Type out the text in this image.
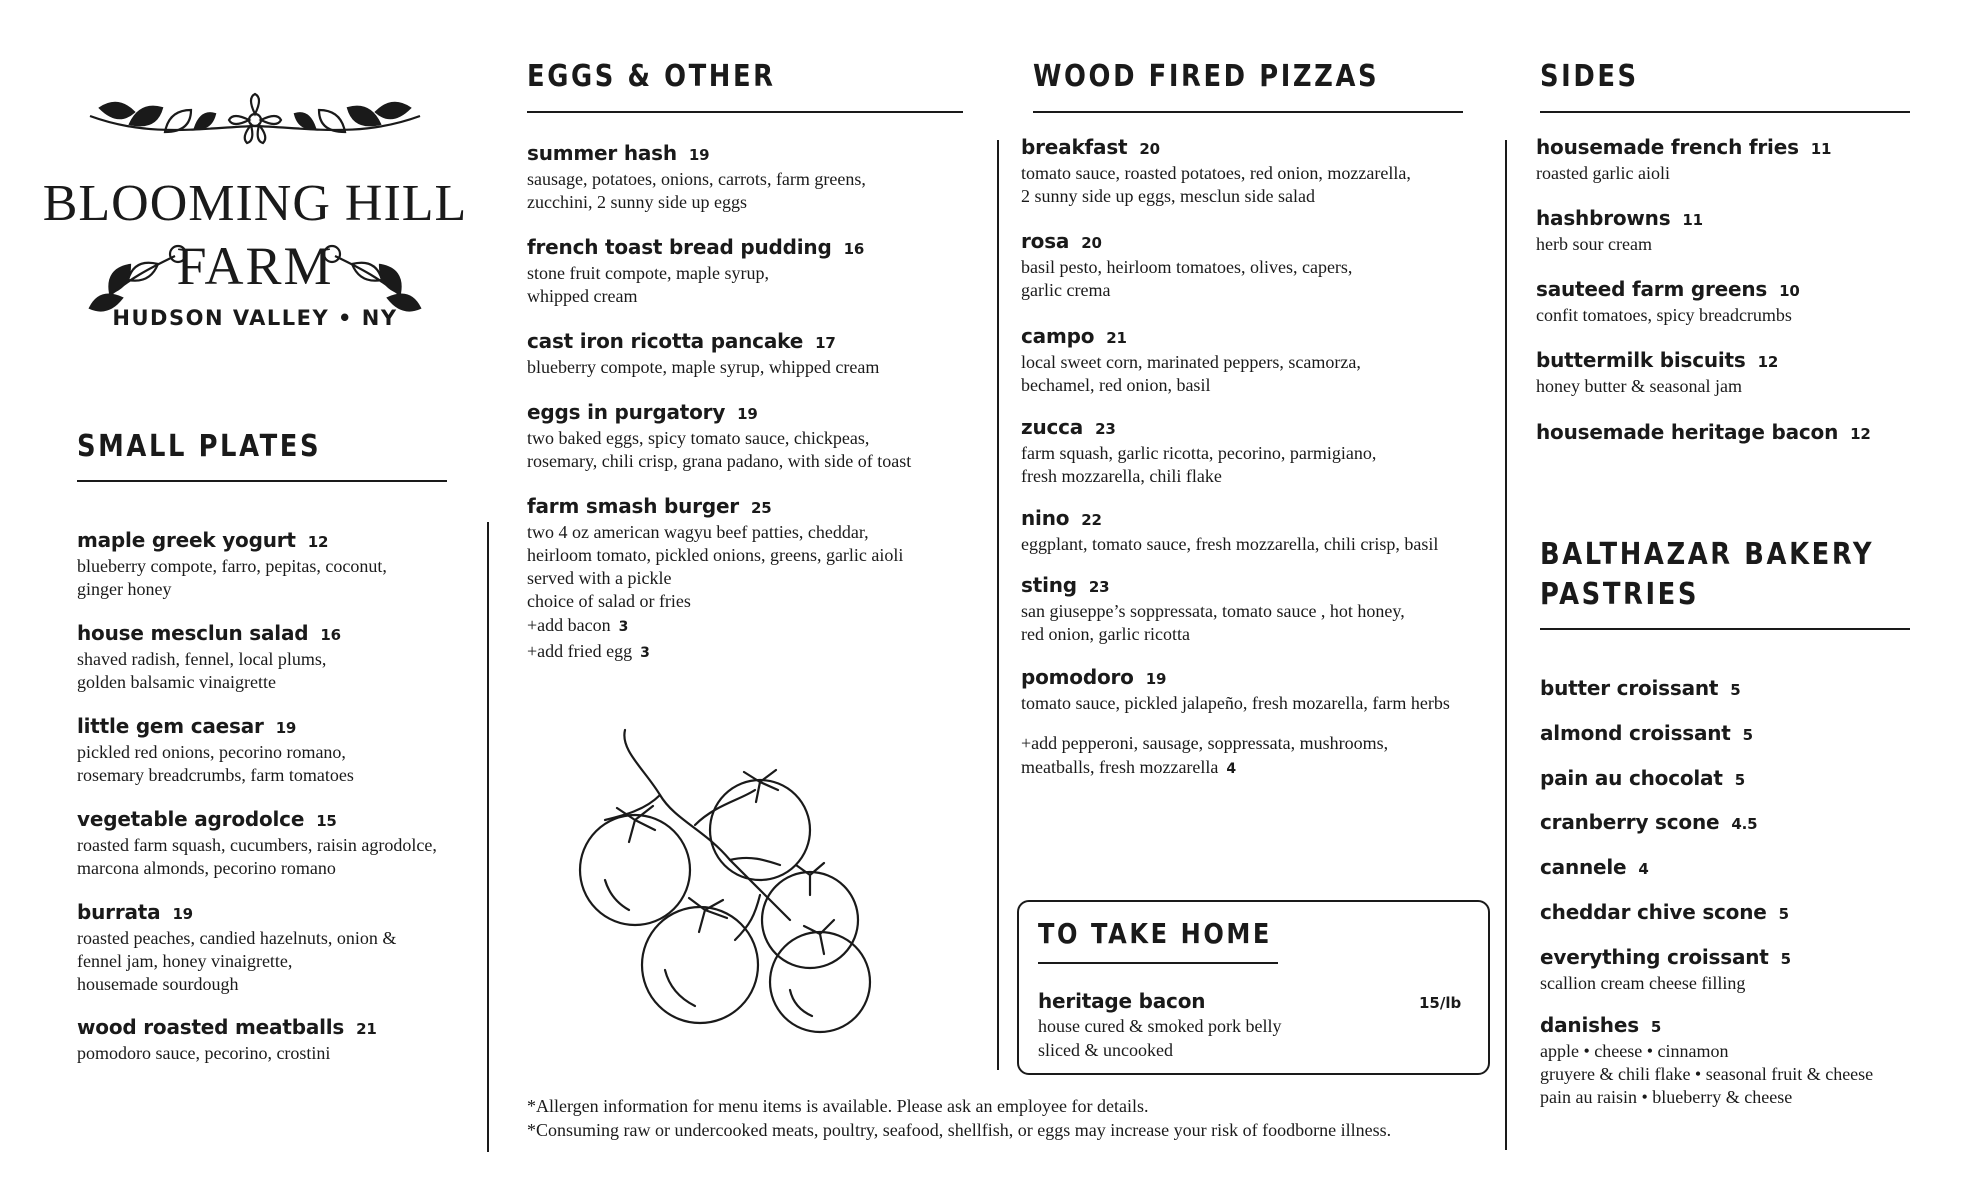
BLOOMING HILL
FARM
HUDSON VALLEY • NY
SMALL PLATES
maple greek yogurt 12
blueberry compote, farro, pepitas, coconut,
ginger honey
house mesclun salad 16
shaved radish, fennel, local plums,
golden balsamic vinaigrette
little gem caesar 19
pickled red onions, pecorino romano,
rosemary breadcrumbs, farm tomatoes
vegetable agrodolce 15
roasted farm squash, cucumbers, raisin agrodolce,
marcona almonds, pecorino romano
burrata 19
roasted peaches, candied hazelnuts, onion &
fennel jam, honey vinaigrette,
housemade sourdough
wood roasted meatballs 21
pomodoro sauce, pecorino, crostini
EGGS & OTHER
summer hash 19
sausage, potatoes, onions, carrots, farm greens,
zucchini, 2 sunny side up eggs
french toast bread pudding 16
stone fruit compote, maple syrup,
whipped cream
cast iron ricotta pancake 17
blueberry compote, maple syrup, whipped cream
eggs in purgatory 19
two baked eggs, spicy tomato sauce, chickpeas,
rosemary, chili crisp, grana padano, with side of toast
farm smash burger 25
two 4 oz american wagyu beef patties, cheddar,
heirloom tomato, pickled onions, greens, garlic aioli
served with a pickle
choice of salad or fries
+add bacon 3
+add fried egg 3
WOOD FIRED PIZZAS
breakfast 20
tomato sauce, roasted potatoes, red onion, mozzarella,
2 sunny side up eggs, mesclun side salad
rosa 20
basil pesto, heirloom tomatoes, olives, capers,
garlic crema
campo 21
local sweet corn, marinated peppers, scamorza,
bechamel, red onion, basil
zucca 23
farm squash, garlic ricotta, pecorino, parmigiano,
fresh mozzarella, chili flake
nino 22
eggplant, tomato sauce, fresh mozzarella, chili crisp, basil
sting 23
san giuseppe’s soppressata, tomato sauce , hot honey,
red onion, garlic ricotta
pomodoro 19
tomato sauce, pickled jalapeño, fresh mozarella, farm herbs
+add pepperoni, sausage, soppressata, mushrooms,
meatballs, fresh mozzarella 4
TO TAKE HOME
heritage bacon	15/lb
house cured & smoked pork belly
sliced & uncooked
*Allergen information for menu items is available. Please ask an employee for details.
*Consuming raw or undercooked meats, poultry, seafood, shellfish, or eggs may increase your risk of foodborne illness.
SIDES
housemade french fries 11
roasted garlic aioli
hashbrowns 11
herb sour cream
sauteed farm greens 10
confit tomatoes, spicy breadcrumbs
buttermilk biscuits 12
honey butter & seasonal jam
housemade heritage bacon 12
BALTHAZAR BAKERY
PASTRIES
butter croissant 5
almond croissant 5
pain au chocolat 5
cranberry scone 4.5
cannele 4
cheddar chive scone 5
everything croissant 5
scallion cream cheese filling
danishes 5
apple • cheese • cinnamon
gruyere & chili flake • seasonal fruit & cheese
pain au raisin • blueberry & cheese
